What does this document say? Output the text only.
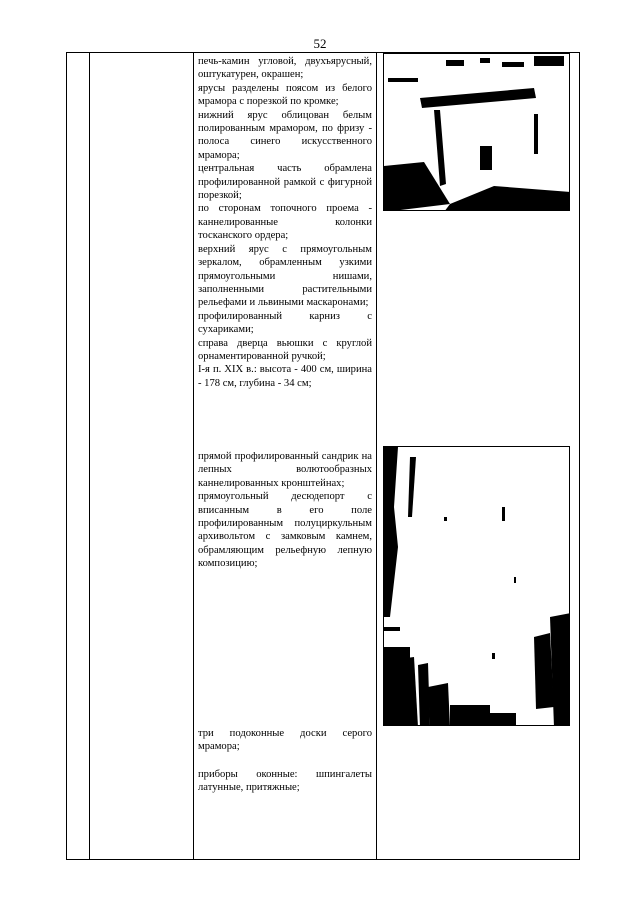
52

печь-камин угловой, двухъярусный, оштукатурен, окрашен;

ярусы разделены поясом из белого мрамора с порезкой по кромке;

нижний ярус облицован белым полированным мрамором, по фризу - полоса синего искусственного мрамора;

центральная часть обрамлена профилированной рамкой с фигурной порезкой;

по сторонам топочного проема - каннелированные колонки тосканского ордера;

верхний ярус с прямоугольным зеркалом, обрамленным узкими прямоугольными нишами, заполненными растительными рельефами и львиными маскаронами;

профилированный карниз с сухариками;

справа дверца вьюшки с круглой орнаментированной ручкой;

I-я п. XIX в.: высота - 400 см, ширина - 178 см, глубина - 34 см;

прямой профилированный сандрик на лепных волютообразных каннелированных кронштейнах;

прямоугольный десюдепорт с вписанным в его поле профилированным полуциркульным архивольтом с замковым камнем, обрамляющим рельефную лепную композицию;

три подоконные доски серого мрамора;

приборы оконные: шпингалеты латунные, притяжные;
